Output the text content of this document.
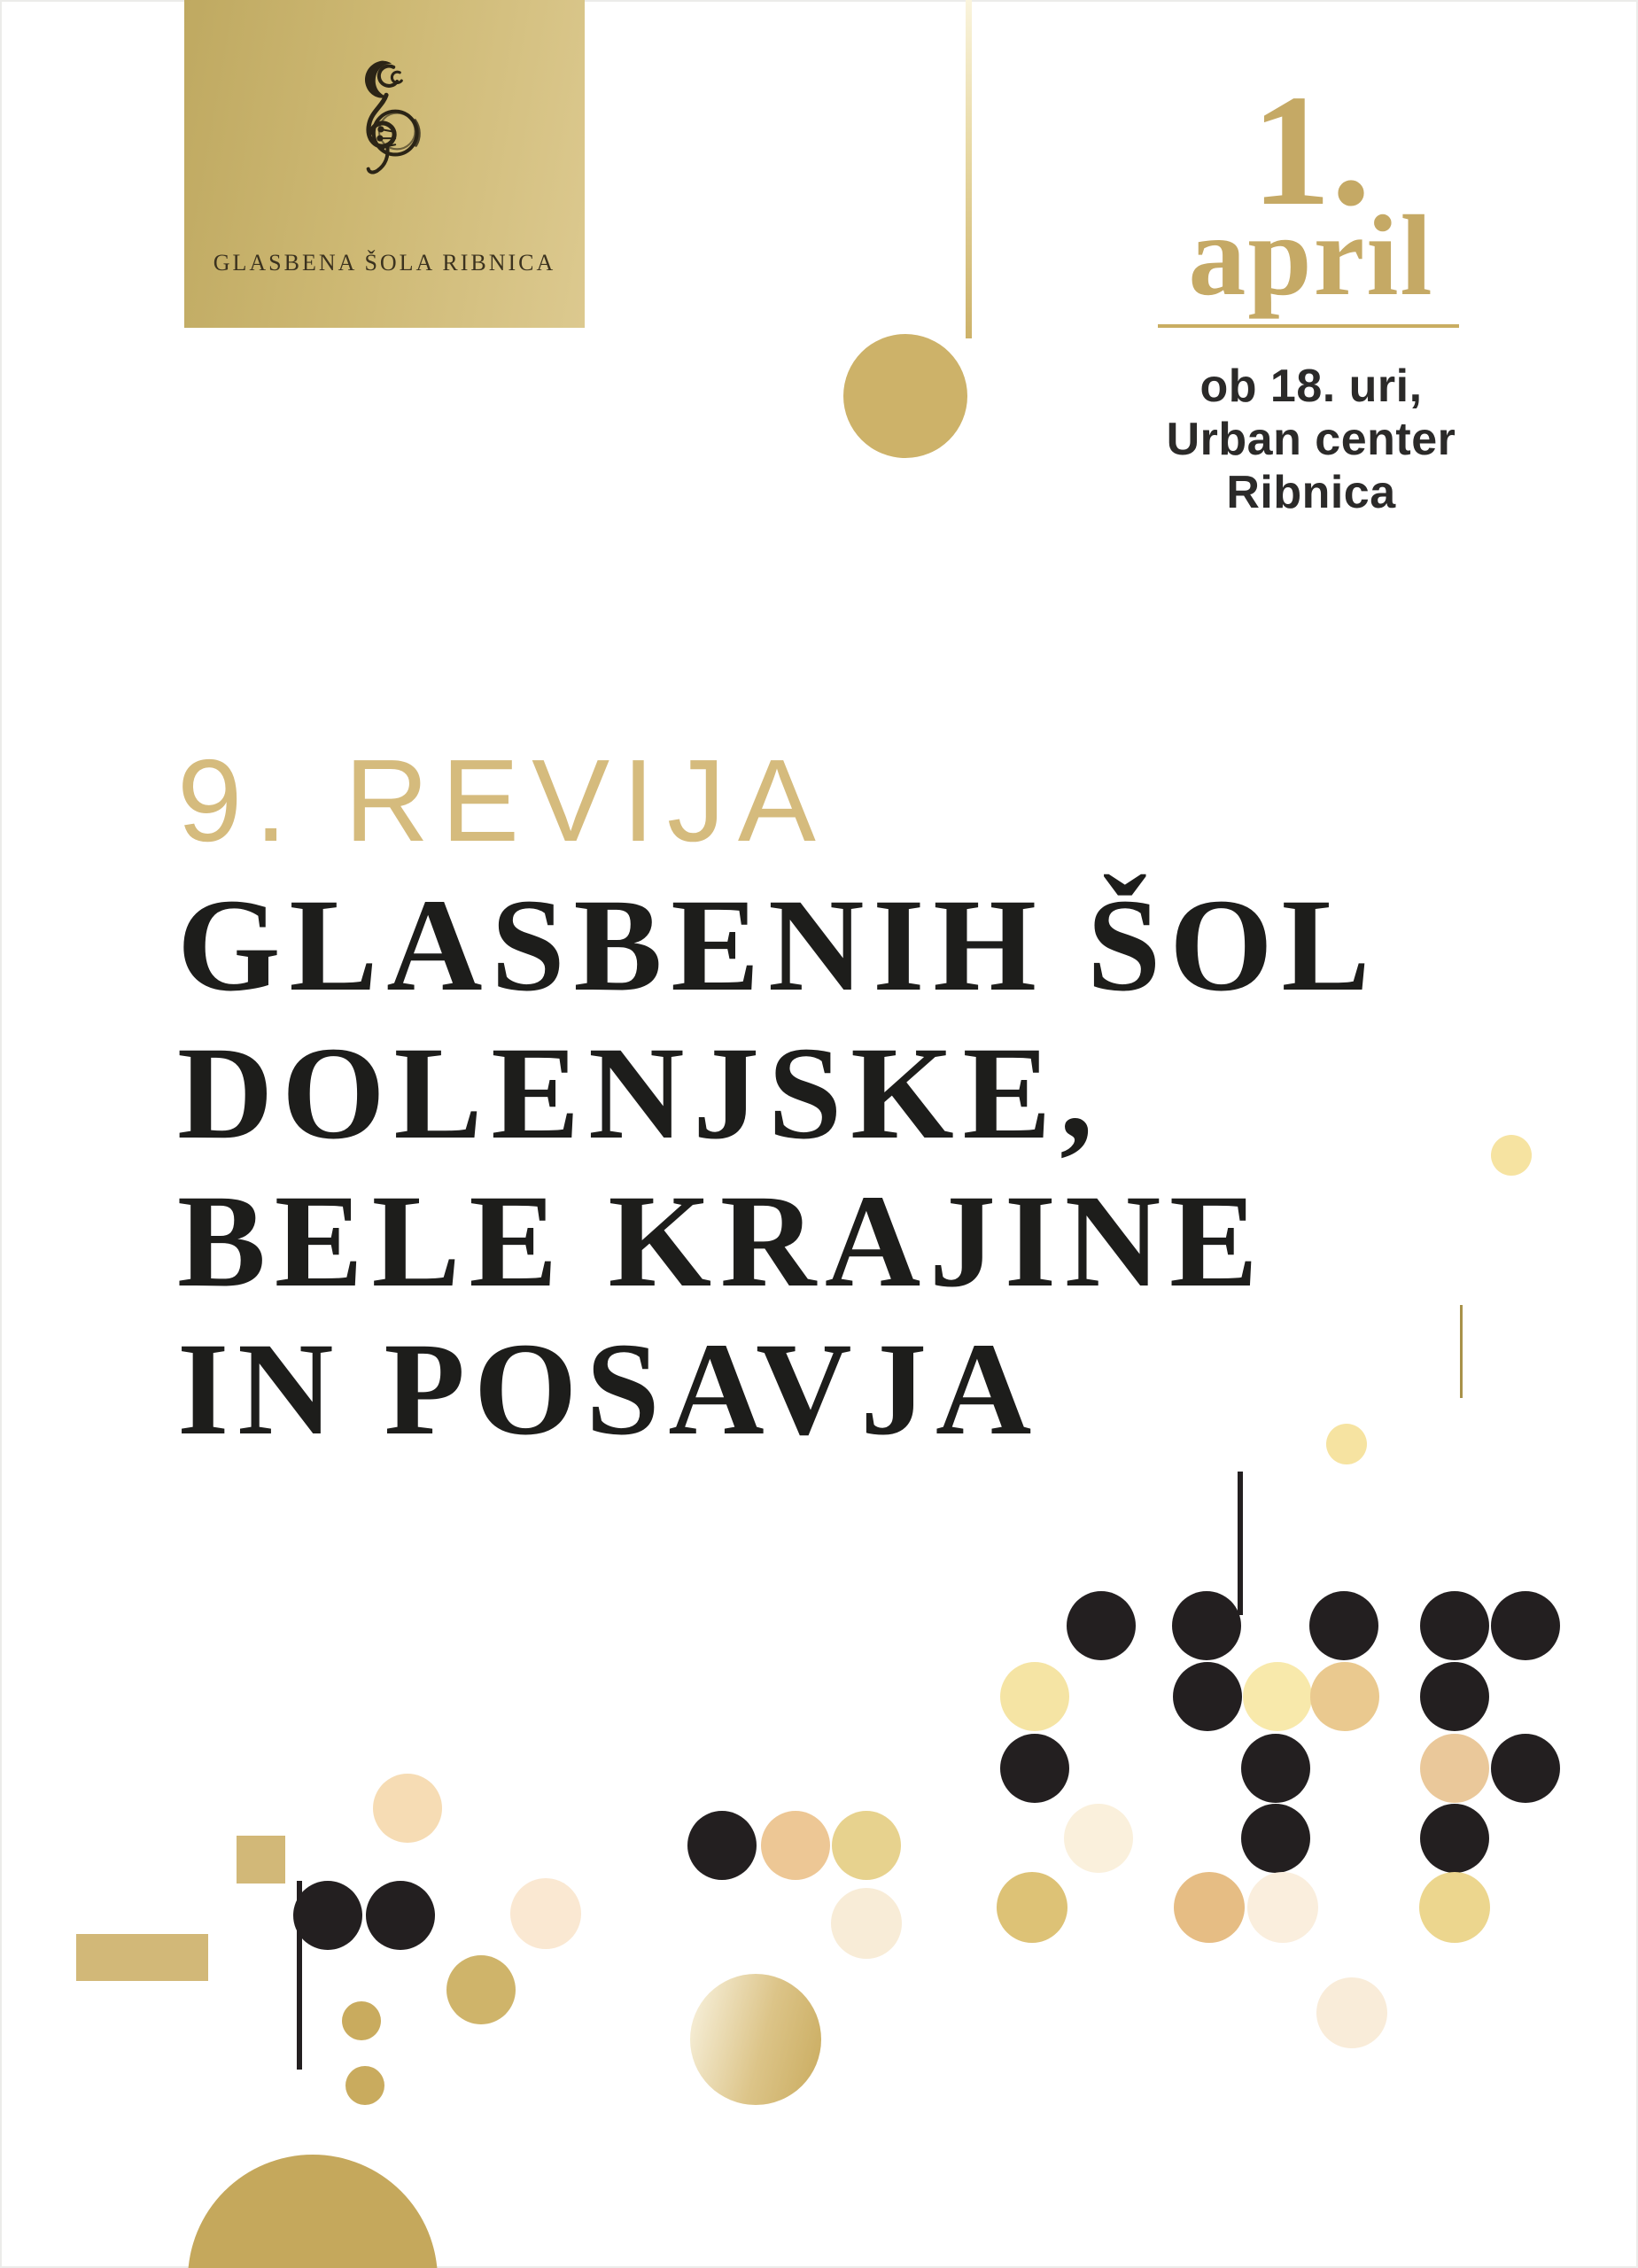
GLASBENA ŠOLA RIBNICA
1.
april
ob 18. uri,
Urban center
Ribnica
9. REVIJA
GLASBENIH ŠOL
DOLENJSKE,
BELE KRAJINE
IN POSAVJA
